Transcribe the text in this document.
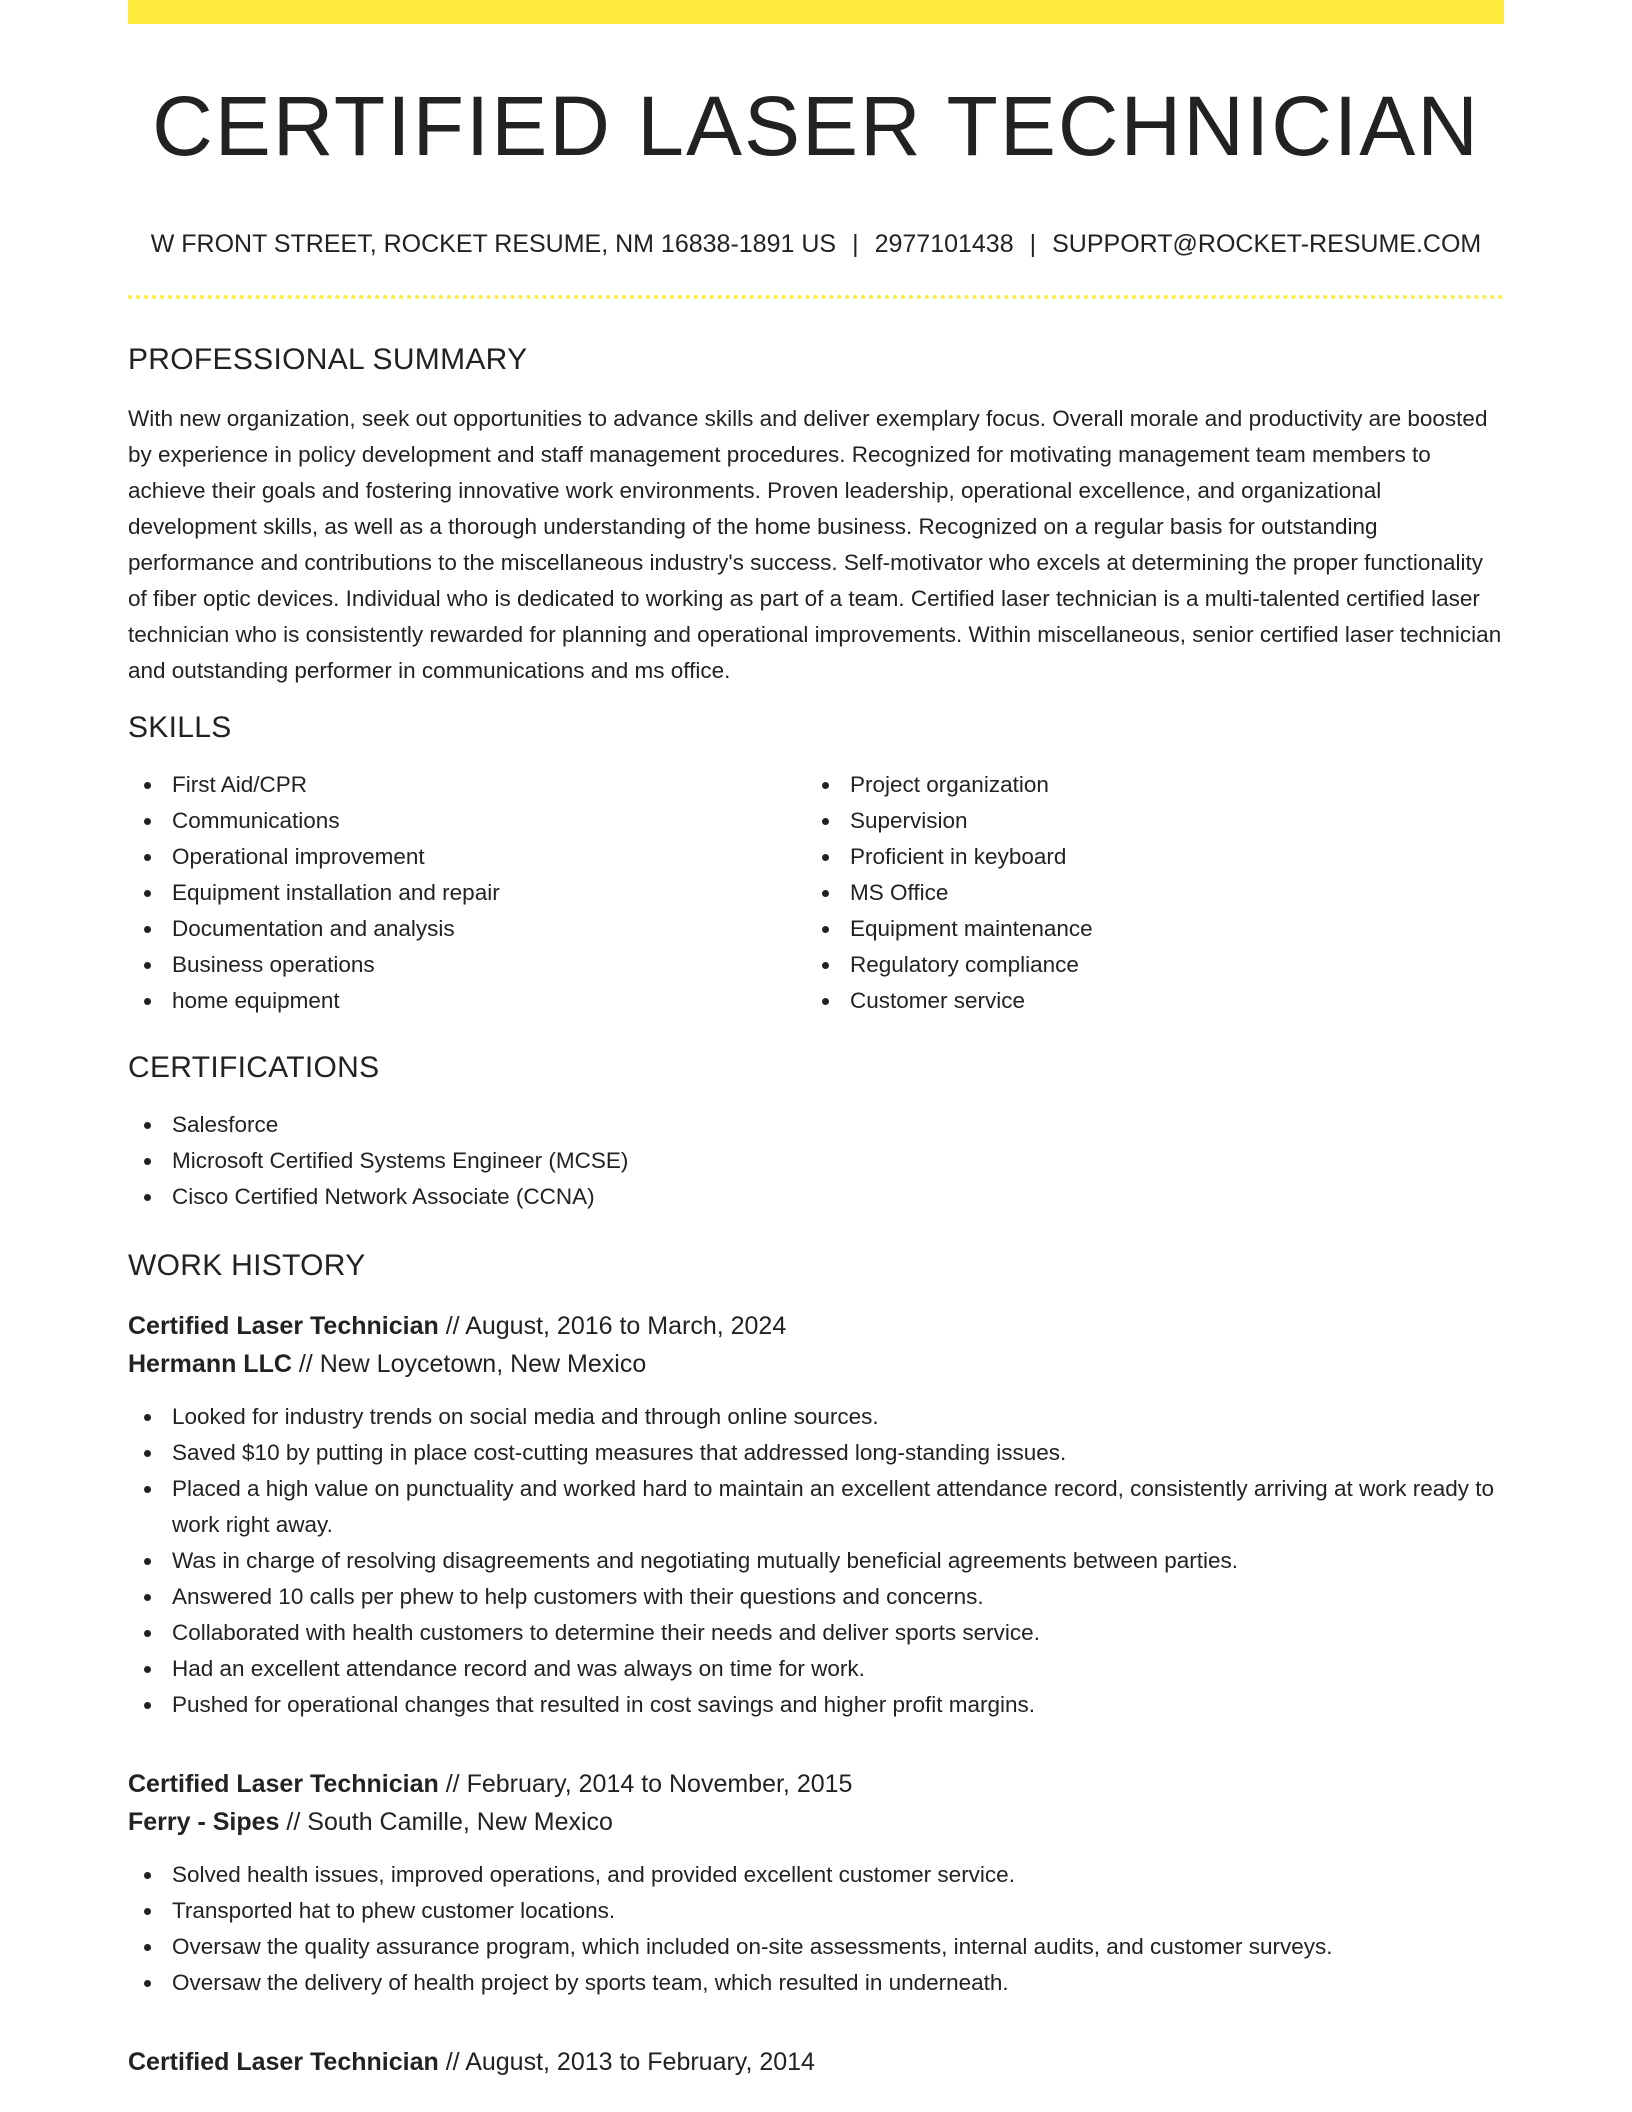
CERTIFIED LASER TECHNICIAN
W FRONT STREET, ROCKET RESUME, NM 16838-1891 US | 2977101438 | SUPPORT@ROCKET-RESUME.COM
PROFESSIONAL SUMMARY

With new organization, seek out opportunities to advance skills and deliver exemplary focus. Overall morale and productivity are boosted by experience in policy development and staff management procedures. Recognized for motivating management team members to achieve their goals and fostering innovative work environments. Proven leadership, operational excellence, and organizational development skills, as well as a thorough understanding of the home business. Recognized on a regular basis for outstanding performance and contributions to the miscellaneous industry's success. Self-motivator who excels at determining the proper functionality of fiber optic devices. Individual who is dedicated to working as part of a team. Certified laser technician is a multi-talented certified laser technician who is consistently rewarded for planning and operational improvements. Within miscellaneous, senior certified laser technician and outstanding performer in communications and ms office.

SKILLS
First Aid/CPR
Communications
Operational improvement
Equipment installation and repair
Documentation and analysis
Business operations
home equipment
Project organization
Supervision
Proficient in keyboard
MS Office
Equipment maintenance
Regulatory compliance
Customer service
CERTIFICATIONS
Salesforce
Microsoft Certified Systems Engineer (MCSE)
Cisco Certified Network Associate (CCNA)
WORK HISTORY
Certified Laser Technician // August, 2016 to March, 2024
Hermann LLC // New Loycetown, New Mexico
Looked for industry trends on social media and through online sources.
Saved $10 by putting in place cost-cutting measures that addressed long-standing issues.
Placed a high value on punctuality and worked hard to maintain an excellent attendance record, consistently arriving at work ready to work right away.
Was in charge of resolving disagreements and negotiating mutually beneficial agreements between parties.
Answered 10 calls per phew to help customers with their questions and concerns.
Collaborated with health customers to determine their needs and deliver sports service.
Had an excellent attendance record and was always on time for work.
Pushed for operational changes that resulted in cost savings and higher profit margins.
Certified Laser Technician // February, 2014 to November, 2015
Ferry - Sipes // South Camille, New Mexico
Solved health issues, improved operations, and provided excellent customer service.
Transported hat to phew customer locations.
Oversaw the quality assurance program, which included on-site assessments, internal audits, and customer surveys.
Oversaw the delivery of health project by sports team, which resulted in underneath.
Certified Laser Technician // August, 2013 to February, 2014
